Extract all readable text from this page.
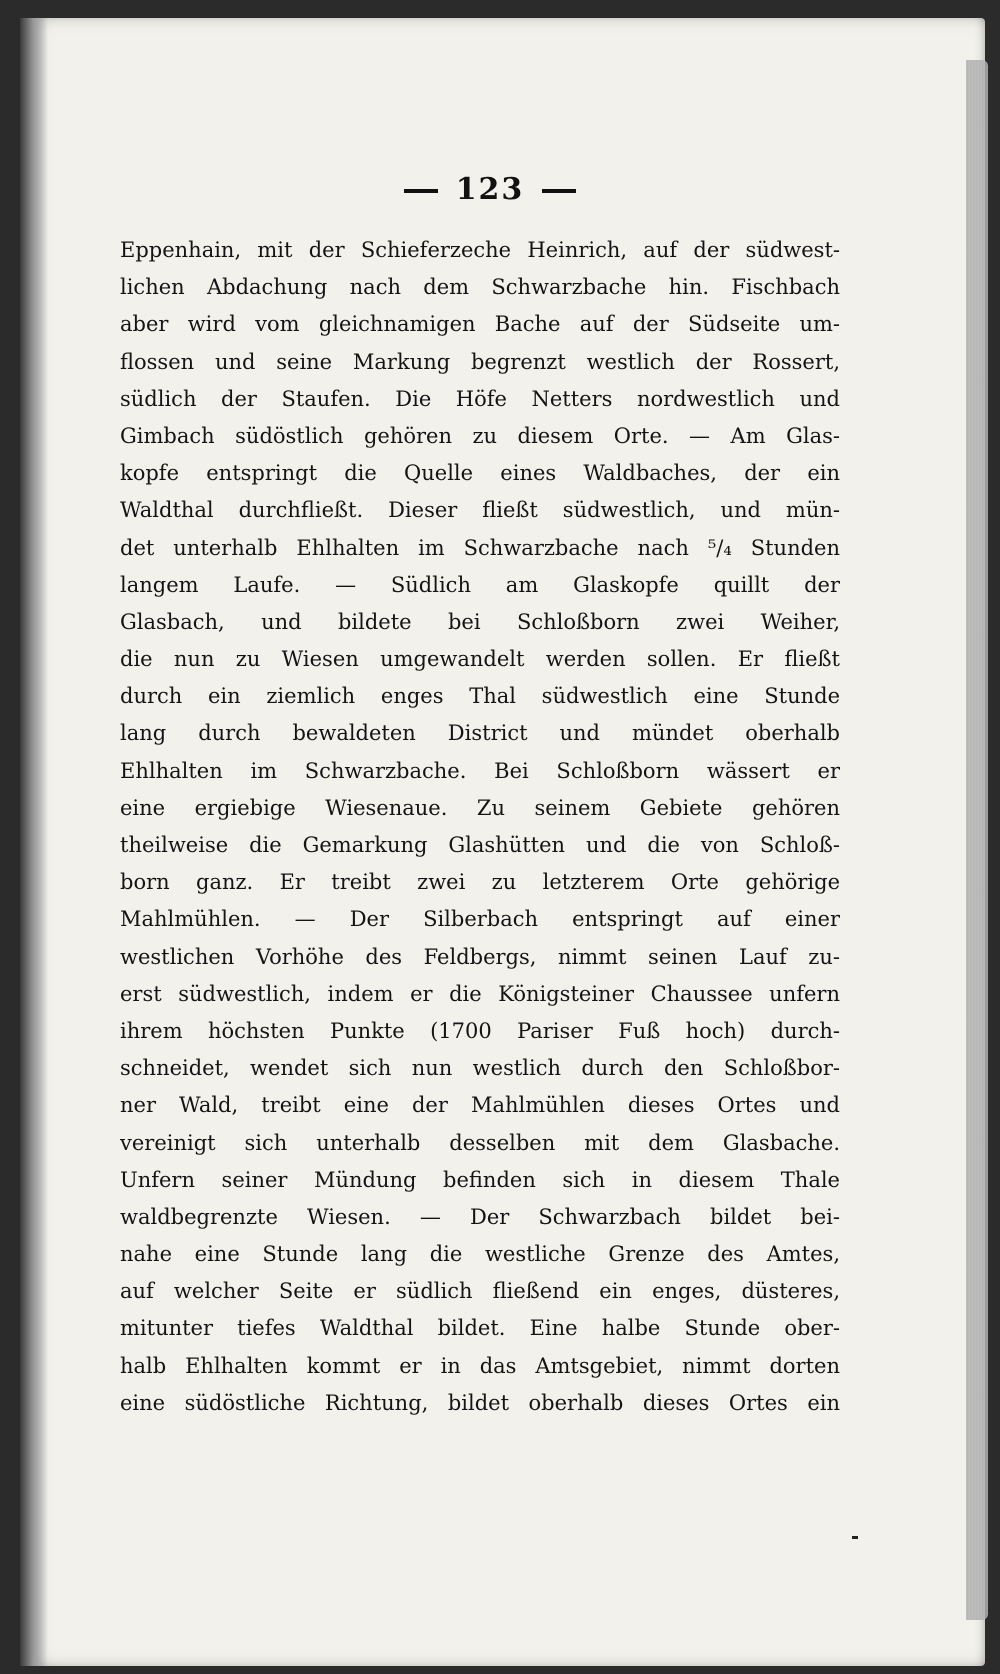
123
Eppenhain, mit der Schieferzeche Heinrich, auf der südwest-
lichen Abdachung nach dem Schwarzbache hin. Fischbach
aber wird vom gleichnamigen Bache auf der Südseite um-
flossen und seine Markung begrenzt westlich der Rossert,
südlich der Staufen. Die Höfe Netters nordwestlich und
Gimbach südöstlich gehören zu diesem Orte. — Am Glas-
kopfe entspringt die Quelle eines Waldbaches, der ein
Waldthal durchfließt. Dieser fließt südwestlich, und mün-
det unterhalb Ehlhalten im Schwarzbache nach ⁵/₄ Stunden
langem Laufe. — Südlich am Glaskopfe quillt der
Glasbach, und bildete bei Schloßborn zwei Weiher,
die nun zu Wiesen umgewandelt werden sollen. Er fließt
durch ein ziemlich enges Thal südwestlich eine Stunde
lang durch bewaldeten District und mündet oberhalb
Ehlhalten im Schwarzbache. Bei Schloßborn wässert er
eine ergiebige Wiesenaue. Zu seinem Gebiete gehören
theilweise die Gemarkung Glashütten und die von Schloß-
born ganz. Er treibt zwei zu letzterem Orte gehörige
Mahlmühlen. — Der Silberbach entspringt auf einer
westlichen Vorhöhe des Feldbergs, nimmt seinen Lauf zu-
erst südwestlich, indem er die Königsteiner Chaussee unfern
ihrem höchsten Punkte (1700 Pariser Fuß hoch) durch-
schneidet, wendet sich nun westlich durch den Schloßbor-
ner Wald, treibt eine der Mahlmühlen dieses Ortes und
vereinigt sich unterhalb desselben mit dem Glasbache.
Unfern seiner Mündung befinden sich in diesem Thale
waldbegrenzte Wiesen. — Der Schwarzbach bildet bei-
nahe eine Stunde lang die westliche Grenze des Amtes,
auf welcher Seite er südlich fließend ein enges, düsteres,
mitunter tiefes Waldthal bildet. Eine halbe Stunde ober-
halb Ehlhalten kommt er in das Amtsgebiet, nimmt dorten
eine südöstliche Richtung, bildet oberhalb dieses Ortes ein
